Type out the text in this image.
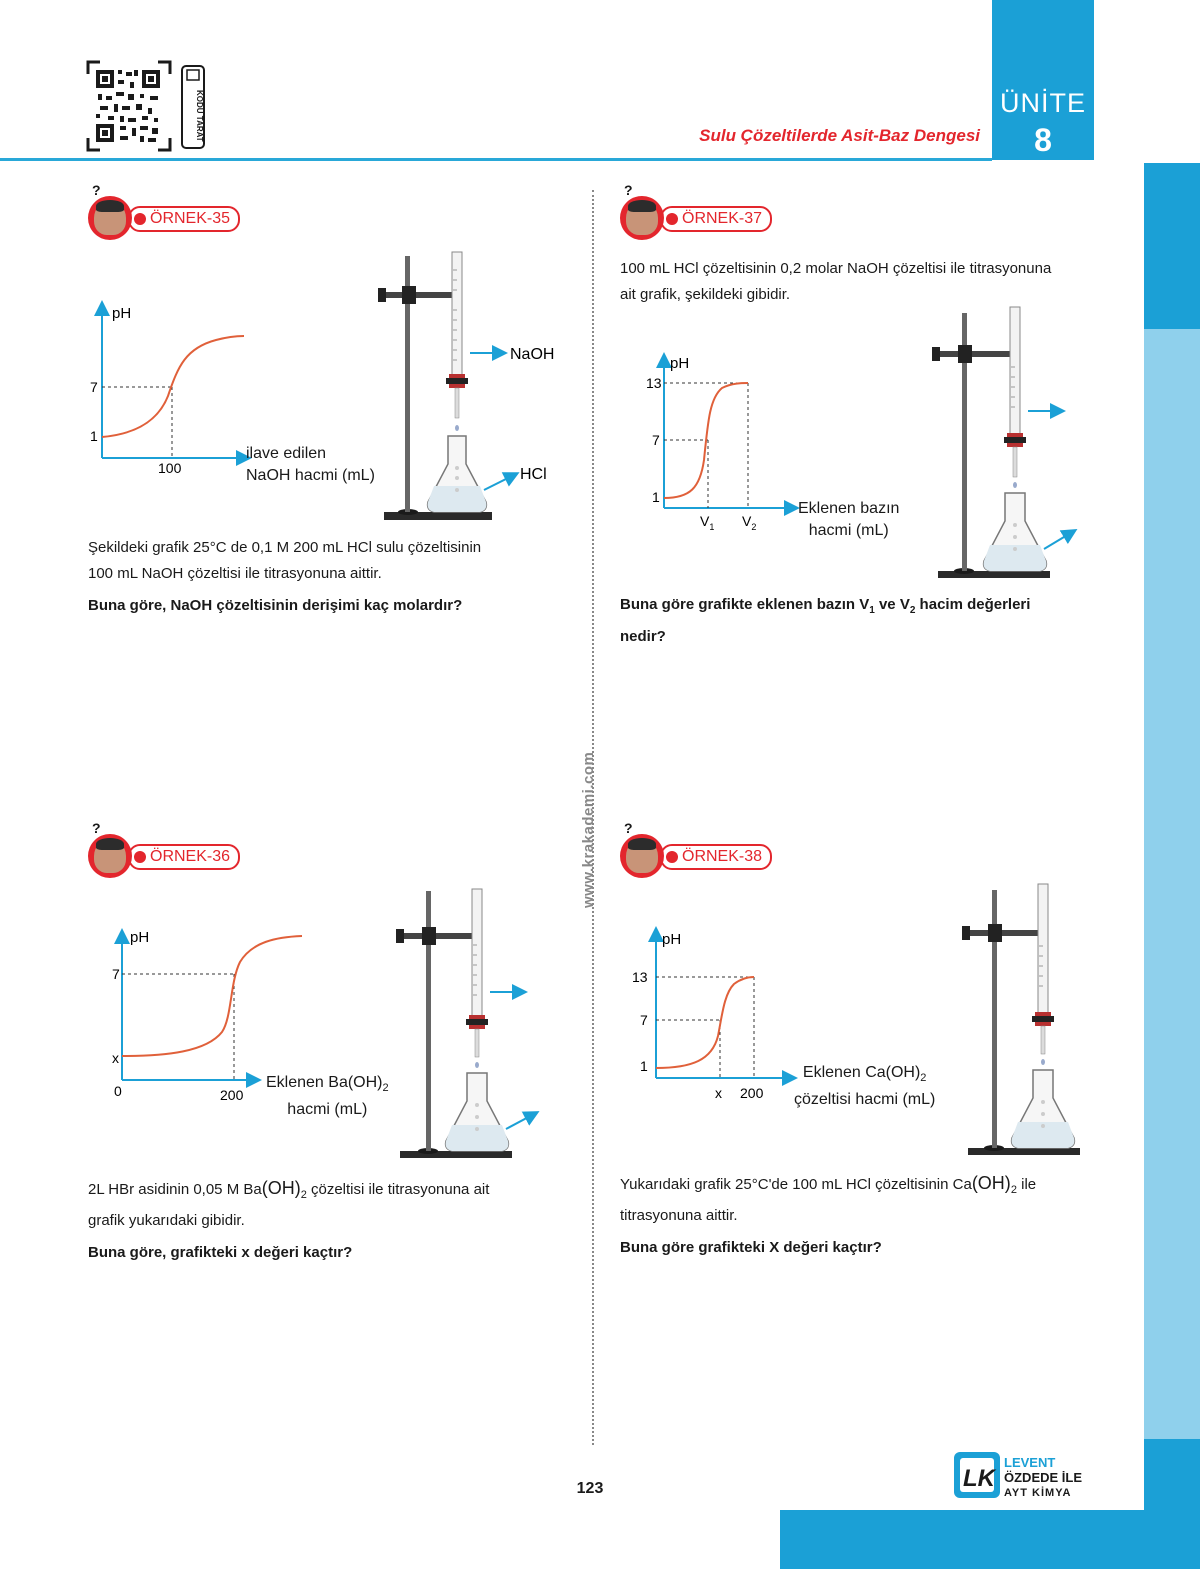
KODU TARAT	Sulu Çözeltilerde Asit-Baz Dengesi
ÜNİTE
8
www.krakademi.com
?
ÖRNEK-35
pH
7
1
100
ilave edilen
NaOH hacmi (mL)
NaOH
HCl
Şekildeki grafik 25°C de 0,1 M 200 mL HCl sulu çözeltisinin
100 mL NaOH çözeltisi ile titrasyonuna aittir.
Buna göre, NaOH çözeltisinin derişimi kaç molardır?
?
ÖRNEK-36
pH
7
x
0	200
Eklenen $Ba(OH)_2$
hacmi (mL)
2L HBr asidinin 0,05 M $Ba(OH)_2$ çözeltisi ile titrasyonuna ait
grafik yukarıdaki gibidir.
Buna göre, grafikteki x değeri kaçtır?
?
ÖRNEK-37
100 mL HCl çözeltisinin 0,2 molar NaOH çözeltisi ile titrasyonuna
ait grafik, şekildeki gibidir.
pH
13
7
1
$V_1$ $V_2$
Eklenen bazın
hacmi (mL)
Buna göre grafikte eklenen bazın $V_1$ ve $V_2$ hacim değerleri
nedir?
?
ÖRNEK-38
pH
13
7
1
x 200
Eklenen $Ca(OH)_2$
çözeltisi hacmi (mL)
Yukarıdaki grafik 25°C'de 100 mL HCl çözeltisinin $Ca(OH)_2$ ile
titrasyonuna aittir.
Buna göre grafikteki X değeri kaçtır?
123	LK
LEVENT
ÖZDEDE İLE
AYT KİMYA
